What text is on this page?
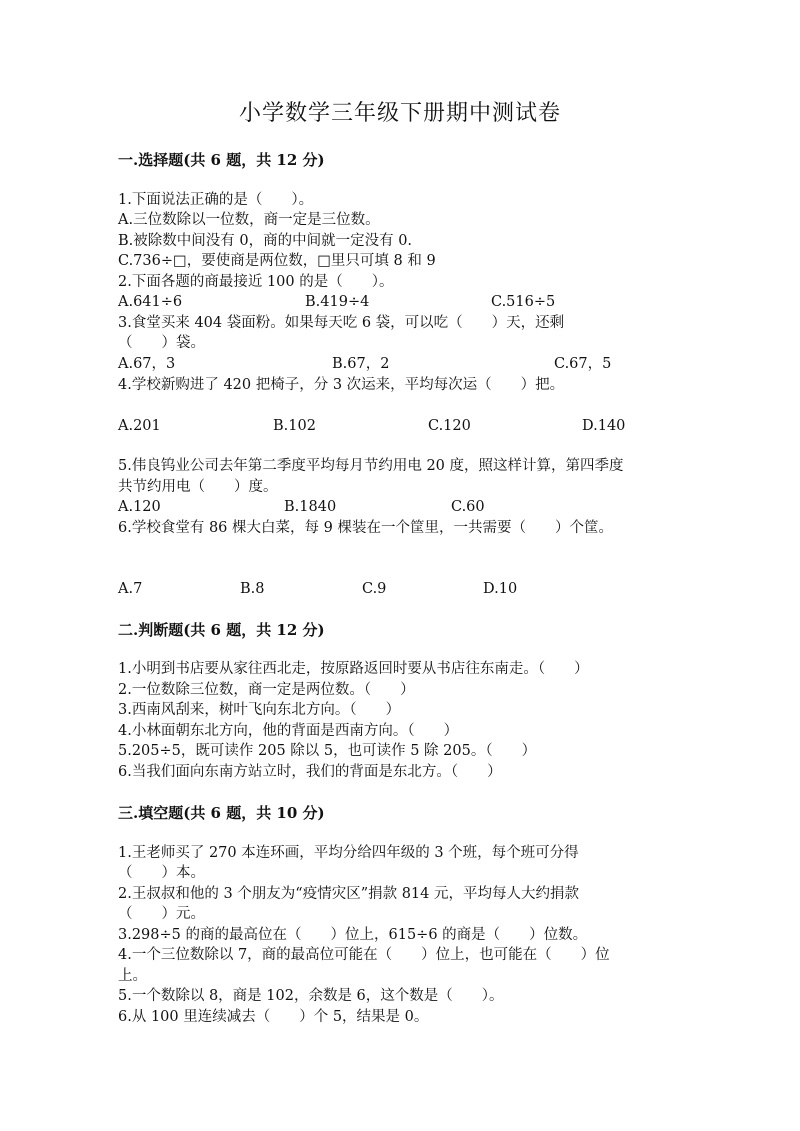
小学数学三年级下册期中测试卷
一.选择题(共 6 题，共 12 分)
1.下面说法正确的是（　　）。
A.三位数除以一位数，商一定是三位数。
B.被除数中间没有 0，商的中间就一定没有 0.
C.736÷□，要使商是两位数，□里只可填 8 和 9
2.下面各题的商最接近 100 的是（　　）。
A.641÷6	B.419÷4	C.516÷5
3.食堂买来 404 袋面粉。如果每天吃 6 袋，可以吃（　　）天，还剩
（　　）袋。
A.67，3	B.67，2	C.67，5
4.学校新购进了 420 把椅子，分 3 次运来，平均每次运（　　）把。
A.201	B.102	C.120	D.140
5.伟良钨业公司去年第二季度平均每月节约用电 20 度，照这样计算，第四季度
共节约用电（　　）度。
A.120	B.1840	C.60
6.学校食堂有 86 棵大白菜，每 9 棵装在一个筐里，一共需要（　　）个筐。
A.7	B.8	C.9	D.10
二.判断题(共 6 题，共 12 分)
1.小明到书店要从家往西北走，按原路返回时要从书店往东南走。（　　）
2.一位数除三位数，商一定是两位数。（　　）
3.西南风刮来，树叶飞向东北方向。（　　）
4.小林面朝东北方向，他的背面是西南方向。（　　）
5.205÷5，既可读作 205 除以 5，也可读作 5 除 205。（　　）
6.当我们面向东南方站立时，我们的背面是东北方。（　　）
三.填空题(共 6 题，共 10 分)
1.王老师买了 270 本连环画，平均分给四年级的 3 个班，每个班可分得
（　　）本。
2.王叔叔和他的 3 个朋友为“疫情灾区”捐款 814 元，平均每人大约捐款
（　　）元。
3.298÷5 的商的最高位在（　　）位上，615÷6 的商是（　　）位数。
4.一个三位数除以 7，商的最高位可能在（　　）位上，也可能在（　　）位
上。
5.一个数除以 8，商是 102，余数是 6，这个数是（　　）。
6.从 100 里连续减去（　　）个 5，结果是 0。
